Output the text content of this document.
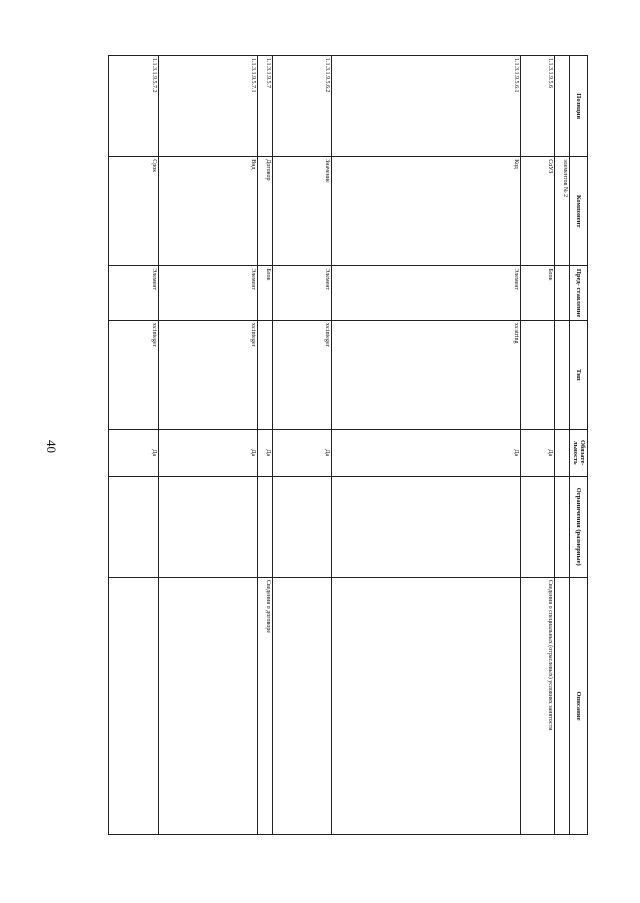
40
Позиция	Компонент	Пред- ставление	Тип	Обязате- льность	Ограничения (размерные)	Описание
	элементов № 2					
1.1.3.1.9.5.6	СоУЗ	Блок		Да		Сведения о специальных (отраслевых) условиях занятости
1.1.3.1.9.5.6.1	Код	Элемент	xs:string	Да		
1.1.3.1.9.5.6.2	Значение	Элемент	xs:integer	Да		
1.1.3.1.9.5.7	Договор	Блок		Да		Сведения о договоре
1.1.3.1.9.5.7.1	Вид	Элемент	xs:integer	Да		
1.1.3.1.9.5.7.2	Срок	Элемент	xs:integer	Да		
